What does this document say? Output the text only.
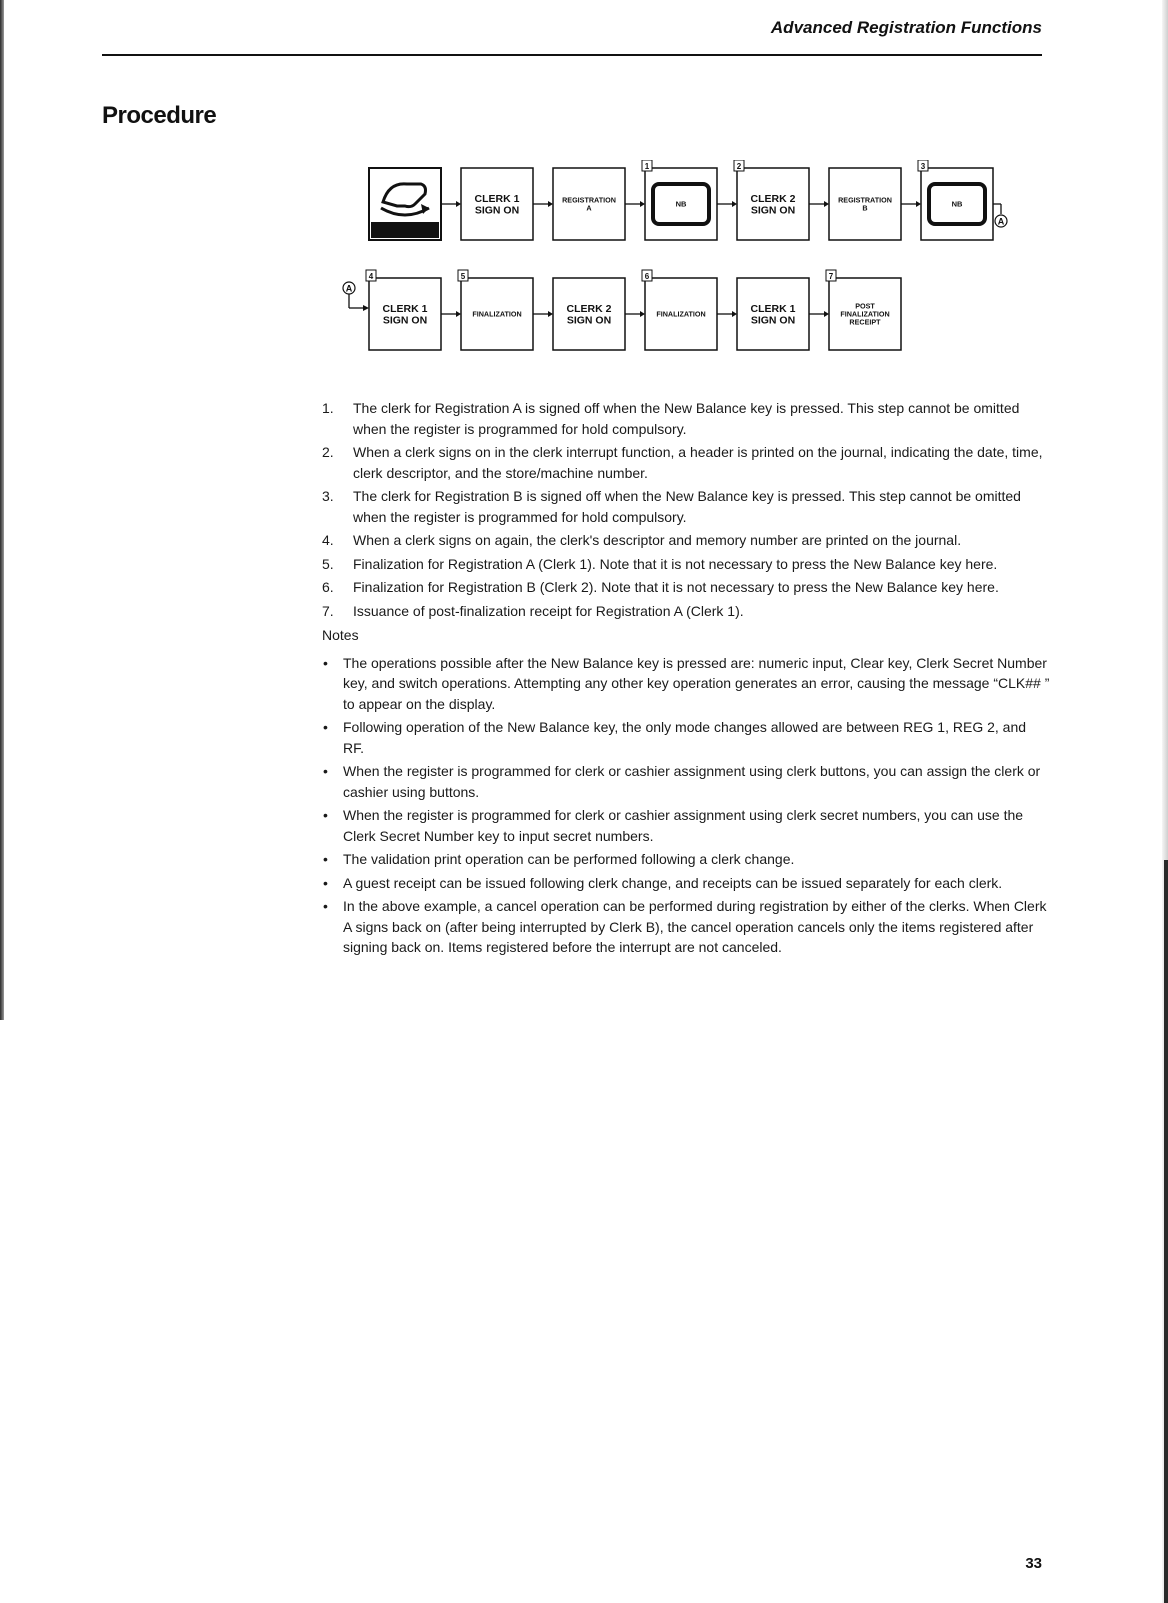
Advanced Registration Functions
Procedure
CLERK 1
SIGN ON
REGISTRATION
A	NB
1
CLERK 2
SIGN ON
2
REGISTRATION
B	NB
3
CLERK 1
SIGN ON
4
FINALIZATION
5
CLERK 2
SIGN ON
FINALIZATION
6
CLERK 1
SIGN ON
POST
FINALIZATION
RECEIPT
7
A
A
1.	The clerk for Registration A is signed off when the New Balance key is pressed. This step cannot be omitted when the register is programmed for hold compulsory.
2.	When a clerk signs on in the clerk interrupt function, a header is printed on the journal, indicating the date, time, clerk descriptor, and the store/machine number.
3.	The clerk for Registration B is signed off when the New Balance key is pressed. This step cannot be omitted when the register is programmed for hold compulsory.
4.	When a clerk signs on again, the clerk's descriptor and memory number are printed on the journal.
5.	Finalization for Registration A (Clerk 1). Note that it is not necessary to press the New Balance key here.
6.	Finalization for Registration B (Clerk 2). Note that it is not necessary to press the New Balance key here.
7.	Issuance of post-finalization receipt for Registration A (Clerk 1).
Notes
•	The operations possible after the New Balance key is pressed are: numeric input, Clear key, Clerk Secret Number key, and switch operations. Attempting any other key operation generates an error, causing the message “CLK## ” to appear on the display.
•	Following operation of the New Balance key, the only mode changes allowed are between REG 1, REG 2, and RF.
•	When the register is programmed for clerk or cashier assignment using clerk buttons, you can assign the clerk or cashier using buttons.
•	When the register is programmed for clerk or cashier assignment using clerk secret numbers, you can use the Clerk Secret Number key to input secret numbers.
•	The validation print operation can be performed following a clerk change.
•	A guest receipt can be issued following clerk change, and receipts can be issued separately for each clerk.
•	In the above example, a cancel operation can be performed during registration by either of the clerks. When Clerk A signs back on (after being interrupted by Clerk B), the cancel operation cancels only the items registered after signing back on. Items registered before the interrupt are not canceled.
33
